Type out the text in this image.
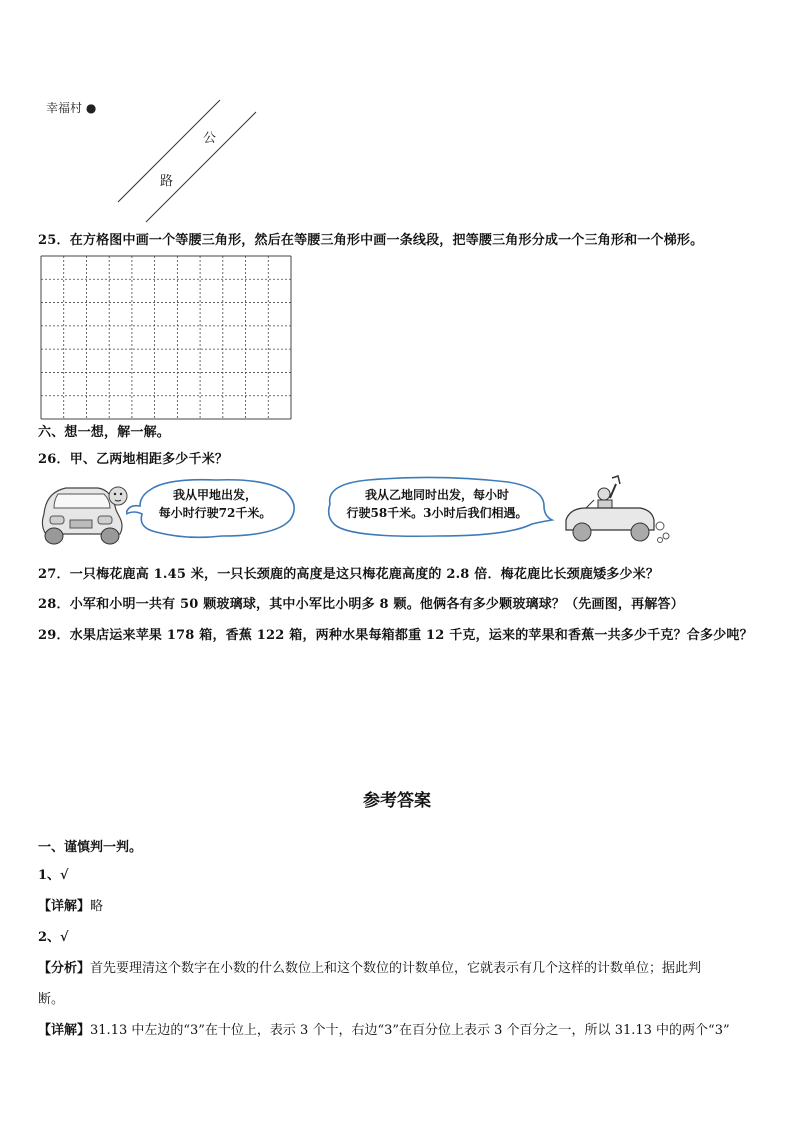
幸福村 ●
公
路
25．在方格图中画一个等腰三角形，然后在等腰三角形中画一条线段，把等腰三角形分成一个三角形和一个梯形。
六、想一想，解一解。
26．甲、乙两地相距多少千米？
我从甲地出发，
每小时行驶72千米。
我从乙地同时出发，每小时
行驶58千米。3小时后我们相遇。
27．一只梅花鹿高 1.45 米，一只长颈鹿的高度是这只梅花鹿高度的 2.8 倍．梅花鹿比长颈鹿矮多少米？
28．小军和小明一共有 50 颗玻璃球，其中小军比小明多 8 颗。他俩各有多少颗玻璃球？（先画图，再解答）
29．水果店运来苹果 178 箱，香蕉 122 箱，两种水果每箱都重 12 千克，运来的苹果和香蕉一共多少千克？合多少吨？
参考答案
一、谨慎判一判。
1、√
【详解】略
2、√
【分析】首先要理清这个数字在小数的什么数位上和这个数位的计数单位，它就表示有几个这样的计数单位；据此判
断。
【详解】31.13 中左边的“3”在十位上，表示 3 个十，右边“3”在百分位上表示 3 个百分之一，所以 31.13 中的两个“3”
